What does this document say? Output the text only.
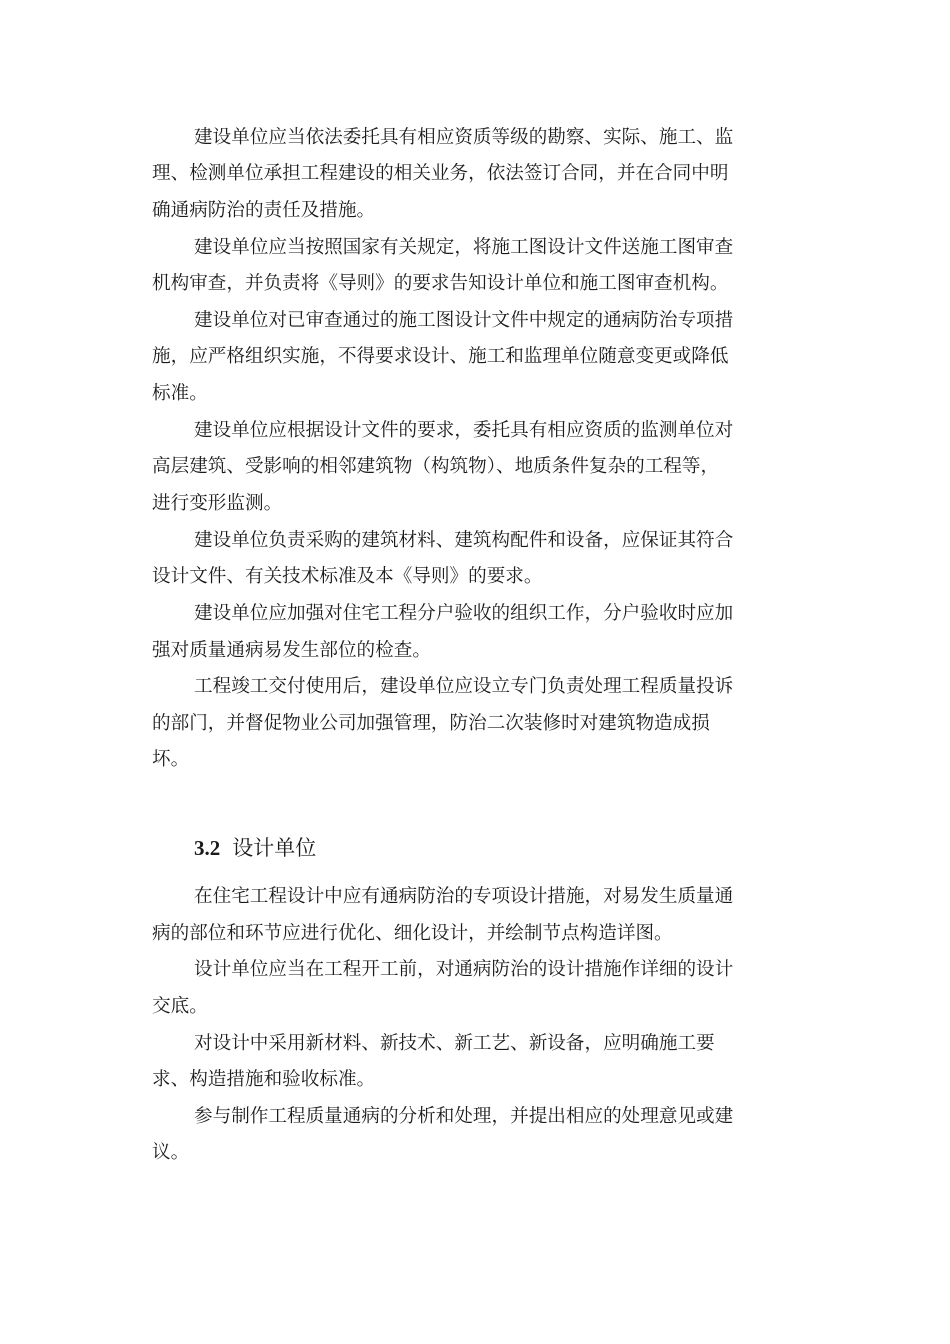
建设单位应当依法委托具有相应资质等级的勘察、实际、施工、监
理、检测单位承担工程建设的相关业务，依法签订合同，并在合同中明
确通病防治的责任及措施。
建设单位应当按照国家有关规定，将施工图设计文件送施工图审查
机构审查，并负责将《导则》的要求告知设计单位和施工图审查机构。
建设单位对已审查通过的施工图设计文件中规定的通病防治专项措
施，应严格组织实施，不得要求设计、施工和监理单位随意变更或降低
标准。
建设单位应根据设计文件的要求，委托具有相应资质的监测单位对
高层建筑、受影响的相邻建筑物（构筑物）、地质条件复杂的工程等，
进行变形监测。
建设单位负责采购的建筑材料、建筑构配件和设备，应保证其符合
设计文件、有关技术标准及本《导则》的要求。
建设单位应加强对住宅工程分户验收的组织工作，分户验收时应加
强对质量通病易发生部位的检查。
工程竣工交付使用后，建设单位应设立专门负责处理工程质量投诉
的部门，并督促物业公司加强管理，防治二次装修时对建筑物造成损
坏。
3.2 设计单位
在住宅工程设计中应有通病防治的专项设计措施，对易发生质量通
病的部位和环节应进行优化、细化设计，并绘制节点构造详图。
设计单位应当在工程开工前，对通病防治的设计措施作详细的设计
交底。
对设计中采用新材料、新技术、新工艺、新设备，应明确施工要
求、构造措施和验收标准。
参与制作工程质量通病的分析和处理，并提出相应的处理意见或建
议。
